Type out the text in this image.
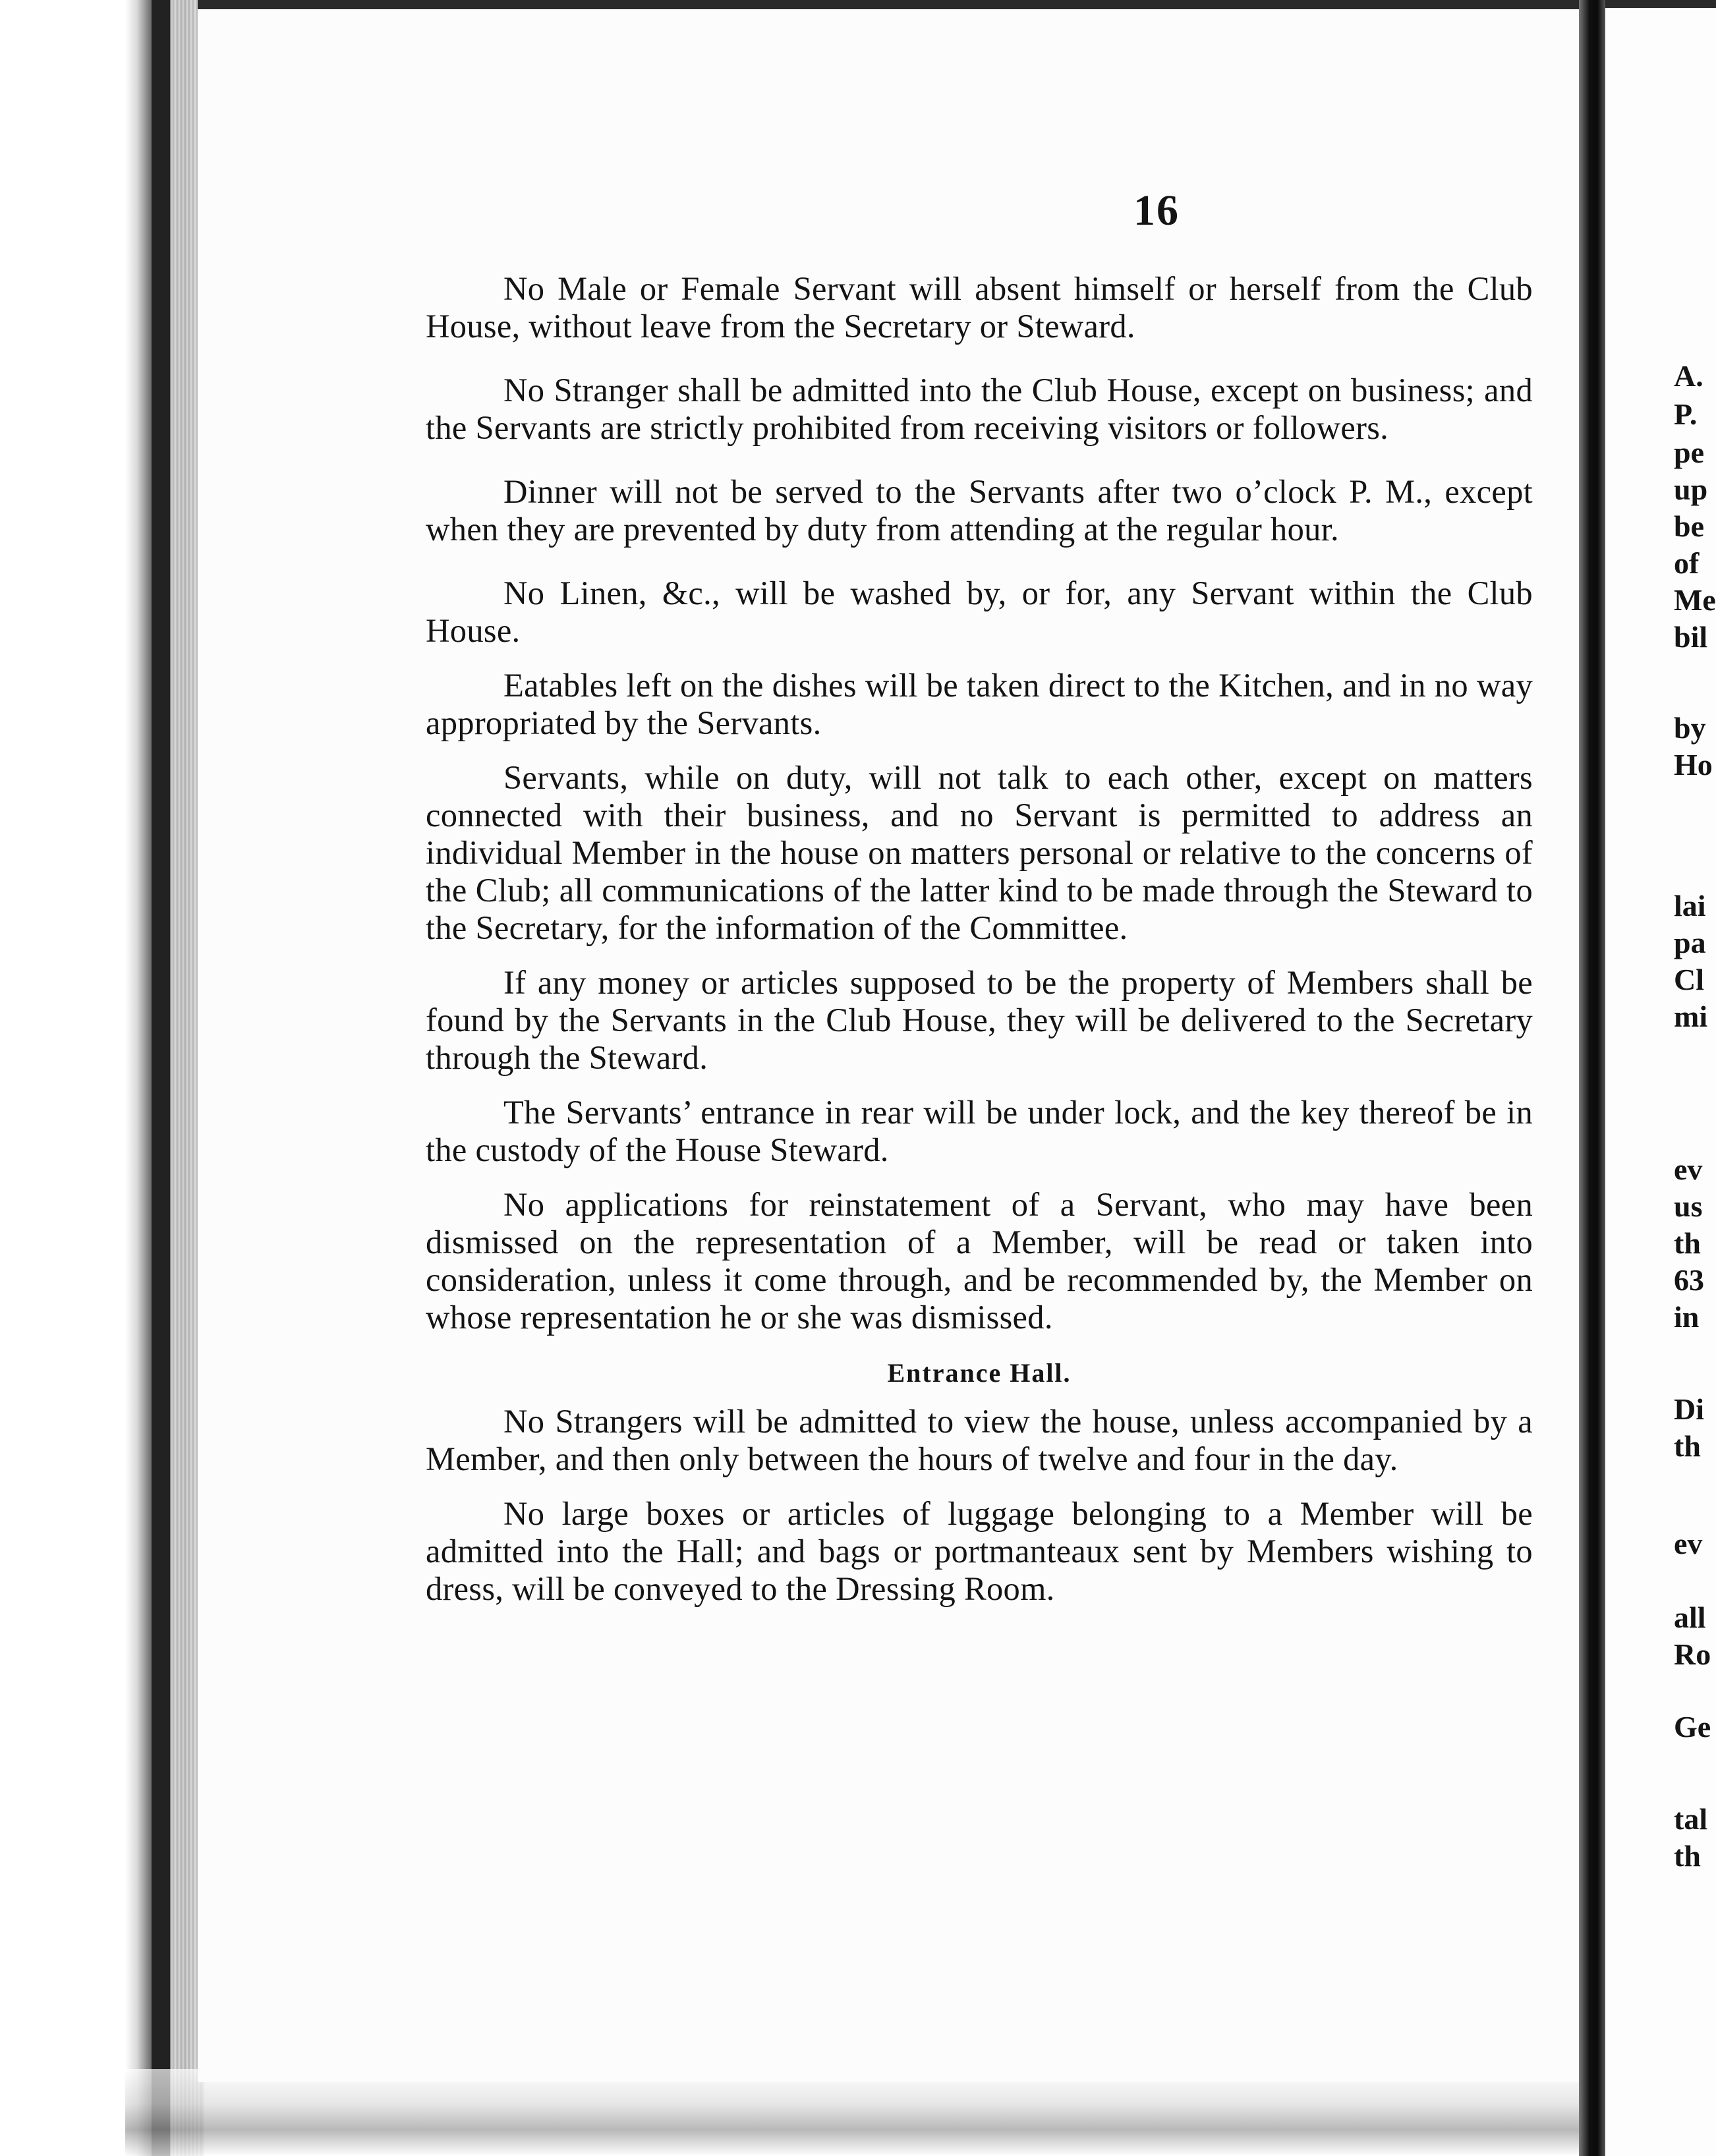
16

No Male or Female Servant will absent himself or herself from the Club House, without leave from the Secretary or Steward.

No Stranger shall be admitted into the Club House, except on business; and the Servants are strictly prohibited from receiving visitors or followers.

Dinner will not be served to the Servants after two o’clock P. M., except when they are prevented by duty from attending at the regular hour.

No Linen, &c., will be washed by, or for, any Servant within the Club House.

Eatables left on the dishes will be taken direct to the Kitchen, and in no way appropriated by the Servants.

Servants, while on duty, will not talk to each other, except on matters connected with their business, and no Servant is permitted to address an individual Member in the house on matters personal or relative to the concerns of the Club; all communications of the latter kind to be made through the Steward to the Secretary, for the information of the Committee.

If any money or articles supposed to be the property of Members shall be found by the Servants in the Club House, they will be delivered to the Secretary through the Steward.

The Servants’ entrance in rear will be under lock, and the key thereof be in the custody of the House Steward.

No applications for reinstatement of a Servant, who may have been dismissed on the representation of a Member, will be read or taken into consideration, unless it come through, and be recommended by, the Member on whose representation he or she was dismissed.

Entrance Hall.

No Strangers will be admitted to view the house, unless accompanied by a Member, and then only between the hours of twelve and four in the day.

No large boxes or articles of luggage belonging to a Member will be admitted into the Hall; and bags or portmanteaux sent by Members wishing to dress, will be conveyed to the Dressing Room.

A.

P.

pe

up

be

of

Me

bil

by

Ho

lai

pa

Cl

mi

ev

us

th

63

in

Di

th

ev

all

Ro

Ge

tal

th
